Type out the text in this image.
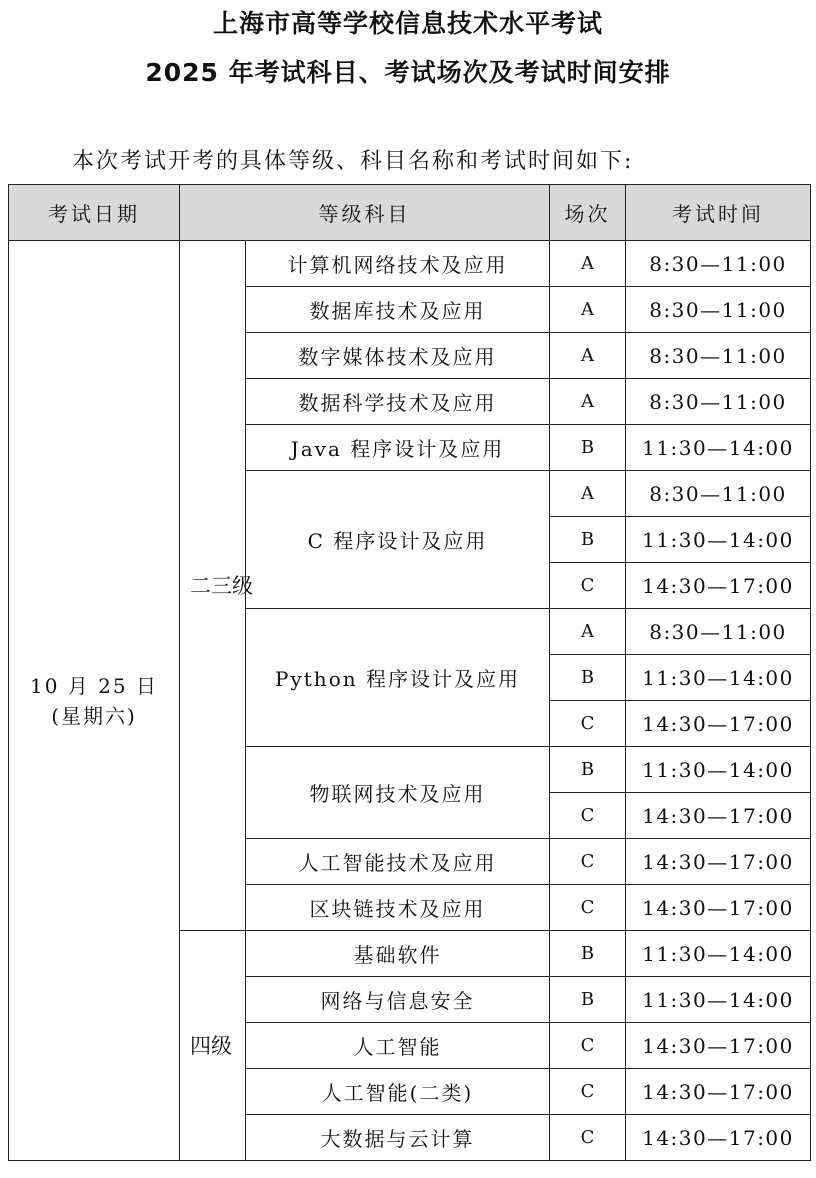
上海市高等学校信息技术水平考试
2025 年考试科目、考试场次及考试时间安排
本次考试开考的具体等级、科目名称和考试时间如下:
考试日期	等级科目		场次	考试时间

10 月 25 日
(星期六)	二三级	计算机网络技术及应用	A	8:30—11:00
		数据库技术及应用	A	8:30—11:00
		数字媒体技术及应用	A	8:30—11:00
		数据科学技术及应用	A	8:30—11:00
		Java 程序设计及应用	B	11:30—14:00
		C 程序设计及应用	A	8:30—11:00
			B	11:30—14:00
			C	14:30—17:00
		Python 程序设计及应用	A	8:30—11:00
			B	11:30—14:00
			C	14:30—17:00
		物联网技术及应用	B	11:30—14:00
			C	14:30—17:00
		人工智能技术及应用	C	14:30—17:00
		区块链技术及应用	C	14:30—17:00

	四级	基础软件	B	11:30—14:00
		网络与信息安全	B	11:30—14:00
		人工智能	C	14:30—17:00
		人工智能(二类)	C	14:30—17:00
		大数据与云计算	C	14:30—17:00
